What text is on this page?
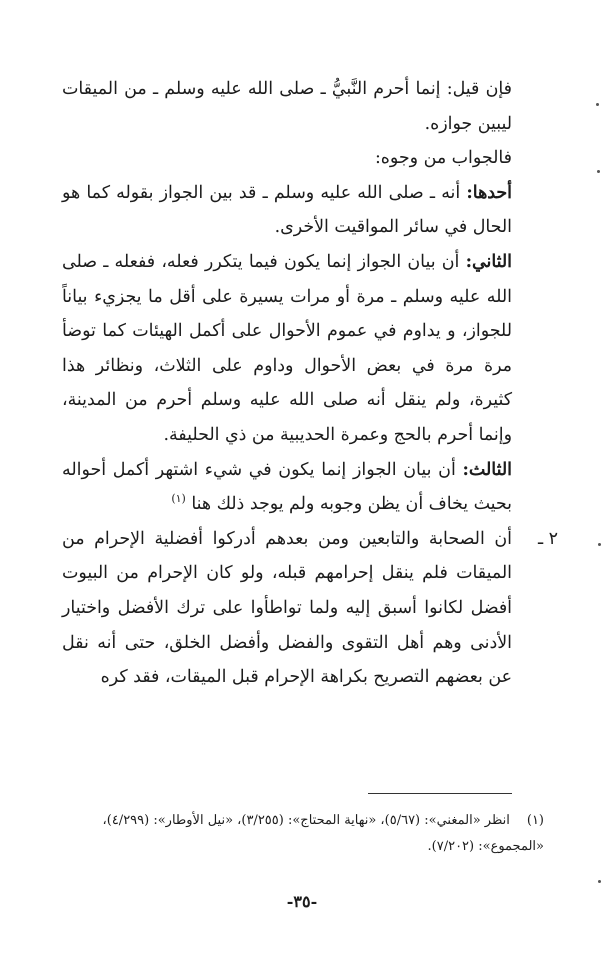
فإن قيل: إنما أحرم النَّبيُّ ـ صلى الله عليه وسلم ـ من الميقات ليبين جوازه.

فالجواب من وجوه:

أحدها: أنه ـ صلى الله عليه وسلم ـ قد بين الجواز بقوله كما هو الحال في سائر المواقيت الأخرى.

الثاني: أن بيان الجواز إنما يكون فيما يتكرر فعله، ففعله ـ صلى الله عليه وسلم ـ مرة أو مرات يسيرة على أقل ما يجزيء بياناً للجواز، و يداوم في عموم الأحوال على أكمل الهيئات كما توضأ مرة مرة في بعض الأحوال وداوم على الثلاث، ونظائر هذا كثيرة، ولم ينقل أنه صلى الله عليه وسلم أحرم من المدينة، وإنما أحرم بالحج وعمرة الحديبية من ذي الحليفة.

الثالث: أن بيان الجواز إنما يكون في شيء اشتهر أكمل أحواله بحيث يخاف أن يظن وجوبه ولم يوجد ذلك هنا $^{(١)}$

٢ ـ
أن الصحابة والتابعين ومن بعدهم أدركوا أفضلية الإحرام من الميقات فلم ينقل إحرامهم قبله، ولو كان الإحرام من البيوت أفضل لكانوا أسبق إليه ولما تواطأوا على ترك الأفضل واختيار الأدنى وهم أهل التقوى والفضل وأفضل الخلق، حتى أنه نقل عن بعضهم التصريح بكراهة الإحرام قبل الميقات، فقد كره
(١) انظر «المغني»: (٥/٦٧)، «نهاية المحتاج»: (٣/٢٥٥)، «نيل الأوطار»: (٤/٢٩٩)، «المجموع»: (٧/٢٠٢).
-٣٥-
